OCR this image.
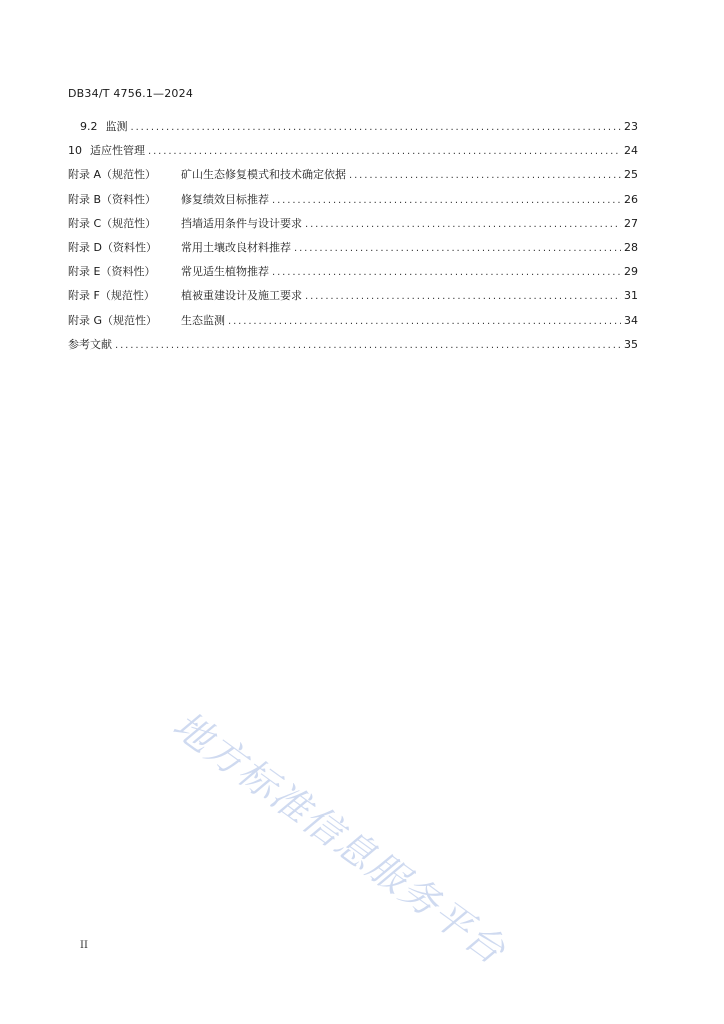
DB34/T 4756.1—2024
9.2 监测 .....	23
10 适应性管理 .....	24
附录 A（规范性）	矿山生态修复模式和技术确定依据 .....	25
附录 B（资料性）	修复绩效目标推荐 .....	26
附录 C（规范性）	挡墙适用条件与设计要求 .....	27
附录 D（资料性）	常用土壤改良材料推荐 .....	28
附录 E（资料性）	常见适生植物推荐 .....	29
附录 F（规范性）	植被重建设计及施工要求 .....	31
附录 G（规范性）	生态监测 .....	34
参考文献 .....	35
地方标准信息服务平台
II
